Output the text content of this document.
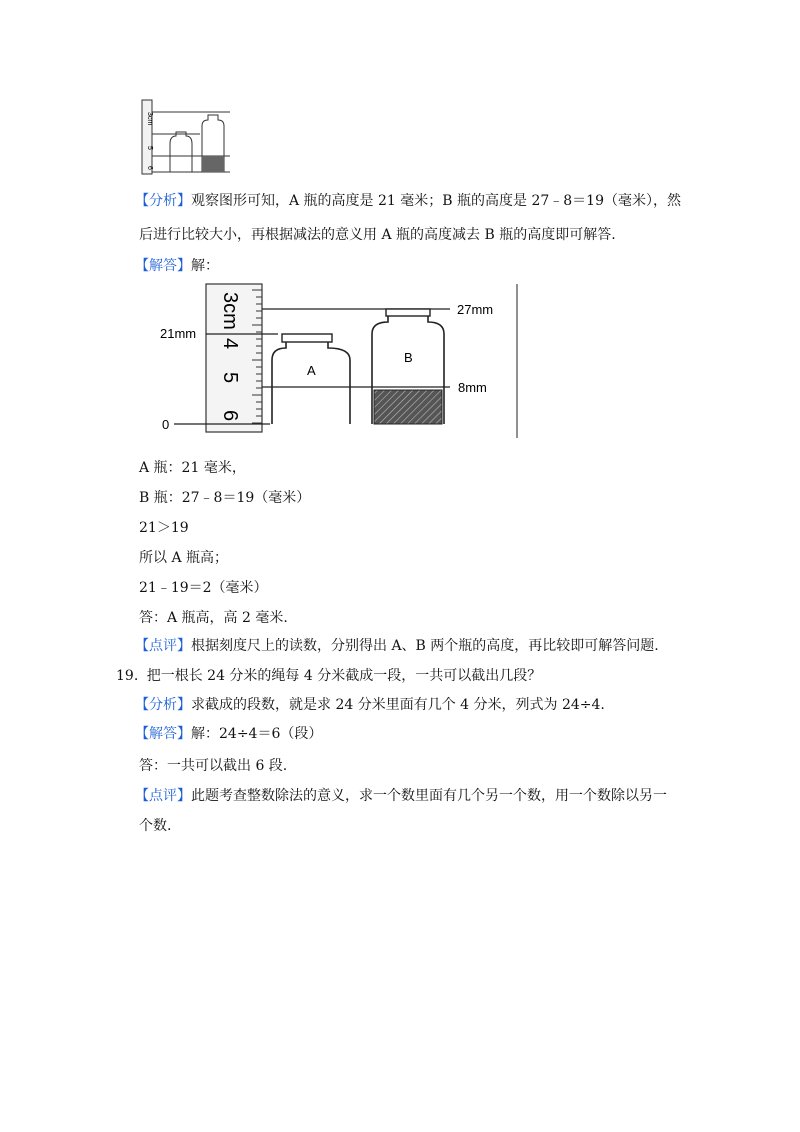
3cm
5
6
【分析】观察图形可知，A 瓶的高度是 21 毫米；B 瓶的高度是 27﹣8＝19（毫米），然
后进行比较大小，再根据减法的意义用 A 瓶的高度减去 B 瓶的高度即可解答.
【解答】解：
3cm
4
5
6
A
B
21mm
27mm
8mm
0
A 瓶：21 毫米，
B 瓶：27﹣8＝19（毫米）
21＞19
所以 A 瓶高；
21﹣19＝2（毫米）
答：A 瓶高，高 2 毫米.
【点评】根据刻度尺上的读数，分别得出 A、B 两个瓶的高度，再比较即可解答问题.
19. 把一根长 24 分米的绳每 4 分米截成一段，一共可以截出几段？
【分析】求截成的段数，就是求 24 分米里面有几个 4 分米，列式为 24÷4.
【解答】解：24÷4＝6（段）
答：一共可以截出 6 段.
【点评】此题考查整数除法的意义，求一个数里面有几个另一个数，用一个数除以另一
个数.
